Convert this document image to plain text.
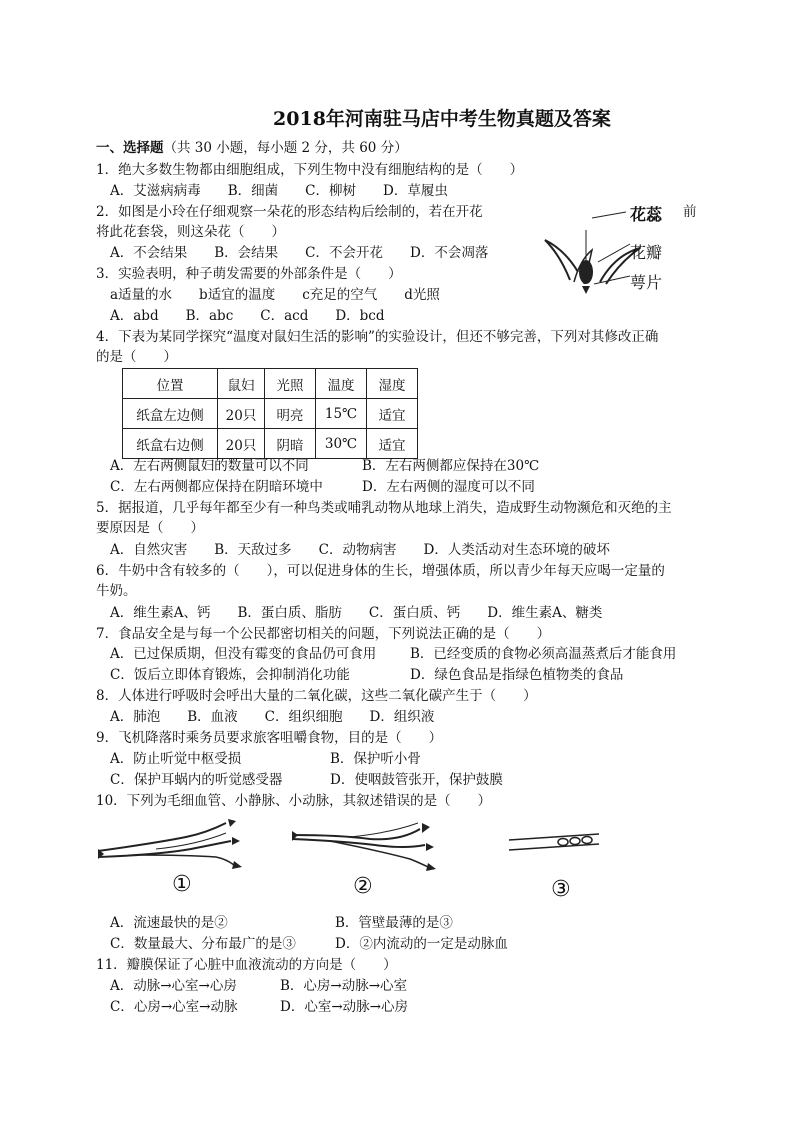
2018年河南驻马店中考生物真题及答案
一、选择题（共 30 小题，每小题 2 分，共 60 分）
1．绝大多数生物都由细胞组成，下列生物中没有细胞结构的是（　　）
A．艾滋病病毒　　B．细菌　　C．柳树　　D．草履虫
2．如图是小玲在仔细观察一朵花的形态结构后绘制的，若在开花	前
将此花套袋，则这朵花（　　）
A．不会结果　　B．会结果　　C．不会开花　　D．不会凋落
花蕊
花瓣
萼片
3．实验表明，种子萌发需要的外部条件是（　　）
a适量的水　　b适宜的温度　　c充足的空气　　d光照
A．abd　　B．abc　　C．acd　　D．bcd
4．下表为某同学探究“温度对鼠妇生活的影响”的实验设计，但还不够完善，下列对其修改正确
的是（　　）
位置	鼠妇	光照	温度	湿度
纸盒左边侧	20只	明亮	15℃	适宜
纸盒右边侧	20只	阴暗	30℃	适宜
A．左右两侧鼠妇的数量可以不同	B．左右两侧都应保持在30℃
C．左右两侧都应保持在阴暗环境中	D．左右两侧的湿度可以不同
5．据报道，几乎每年都至少有一种鸟类或哺乳动物从地球上消失，造成野生动物濒危和灭绝的主
要原因是（　　）
A．自然灾害　　B．天敌过多　　C．动物病害　　D．人类活动对生态环境的破坏
6．牛奶中含有较多的（　　），可以促进身体的生长，增强体质，所以青少年每天应喝一定量的
牛奶。
A．维生素A、钙　　B．蛋白质、脂肪　　C．蛋白质、钙　　D．维生素A、糖类
7．食品安全是与每一个公民都密切相关的问题，下列说法正确的是（　　）
A．已过保质期，但没有霉变的食品仍可食用	B．已经变质的食物必须高温蒸煮后才能食用
C．饭后立即体育锻炼，会抑制消化功能	D．绿色食品是指绿色植物类的食品
8．人体进行呼吸时会呼出大量的二氧化碳，这些二氧化碳产生于（　　）
A．肺泡　　B．血液　　C．组织细胞　　D．组织液
9．飞机降落时乘务员要求旅客咀嚼食物，目的是（　　）
A．防止听觉中枢受损	B．保护听小骨
C．保护耳蜗内的听觉感受器	D．使咽鼓管张开，保护鼓膜
10．下列为毛细血管、小静脉、小动脉，其叙述错误的是（　　）
①	②	③
A．流速最快的是②	B．管壁最薄的是③
C．数量最大、分布最广的是③	D．②内流动的一定是动脉血
11．瓣膜保证了心脏中血液流动的方向是（　　）
A．动脉→心室→心房	B．心房→动脉→心室
C．心房→心室→动脉	D．心室→动脉→心房
